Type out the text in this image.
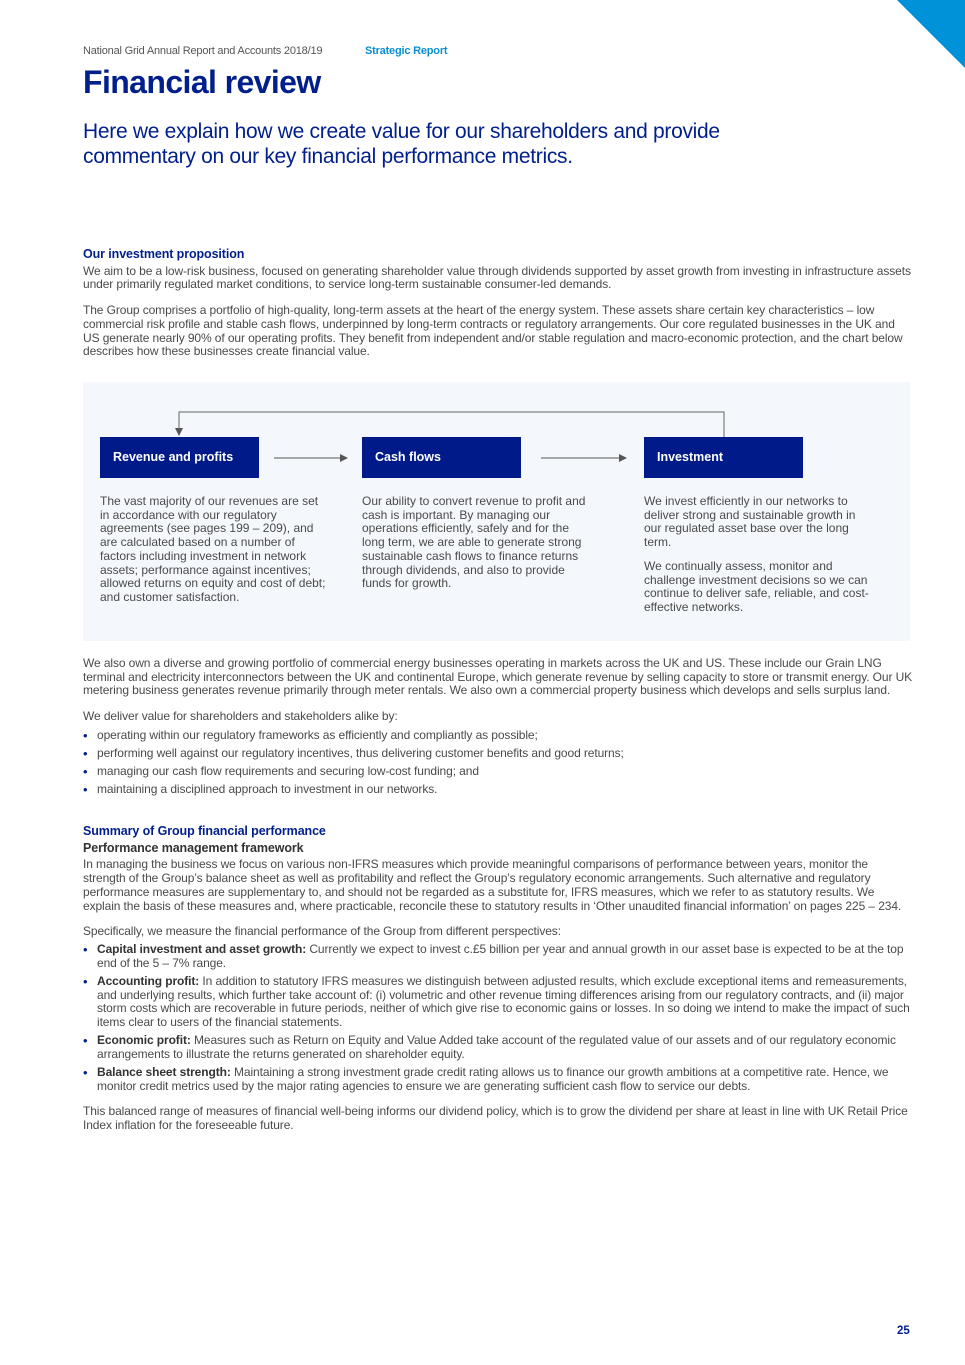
National Grid Annual Report and Accounts 2018/19	Strategic Report
Financial review

Here we explain how we create value for our shareholders and provide commentary on our key financial performance metrics.

Our investment proposition

We aim to be a low-risk business, focused on generating shareholder value through dividends supported by asset growth from investing in infrastructure assets under primarily regulated market conditions, to service long-term sustainable consumer-led demands.

The Group comprises a portfolio of high-quality, long-term assets at the heart of the energy system. These assets share certain key characteristics – low commercial risk profile and stable cash flows, underpinned by long-term contracts or regulatory arrangements. Our core regulated businesses in the UK and US generate nearly 90% of our operating profits. They benefit from independent and/or stable regulation and macro-economic protection, and the chart below describes how these businesses create financial value.

Revenue and profits	Cash flows	Investment

The vast majority of our revenues are set in accordance with our regulatory agreements (see pages 199 – 209), and are calculated based on a number of factors including investment in network assets; performance against incentives; allowed returns on equity and cost of debt; and customer satisfaction.

Our ability to convert revenue to profit and cash is important. By managing our operations efficiently, safely and for the long term, we are able to generate strong sustainable cash flows to finance returns through dividends, and also to provide funds for growth.

We invest efficiently in our networks to deliver strong and sustainable growth in our regulated asset base over the long term.

We continually assess, monitor and challenge investment decisions so we can continue to deliver safe, reliable, and cost-effective networks.

We also own a diverse and growing portfolio of commercial energy businesses operating in markets across the UK and US. These include our Grain LNG terminal and electricity interconnectors between the UK and continental Europe, which generate revenue by selling capacity to store or transmit energy. Our UK metering business generates revenue primarily through meter rentals. We also own a commercial property business which develops and sells surplus land.

We deliver value for shareholders and stakeholders alike by:

• operating within our regulatory frameworks as efficiently and compliantly as possible;
• performing well against our regulatory incentives, thus delivering customer benefits and good returns;
• managing our cash flow requirements and securing low-cost funding; and
• maintaining a disciplined approach to investment in our networks.
Summary of Group financial performance
Performance management framework

In managing the business we focus on various non-IFRS measures which provide meaningful comparisons of performance between years, monitor the strength of the Group’s balance sheet as well as profitability and reflect the Group’s regulatory economic arrangements. Such alternative and regulatory performance measures are supplementary to, and should not be regarded as a substitute for, IFRS measures, which we refer to as statutory results. We explain the basis of these measures and, where practicable, reconcile these to statutory results in ‘Other unaudited financial information’ on pages 225 – 234.

Specifically, we measure the financial performance of the Group from different perspectives:

• Capital investment and asset growth: Currently we expect to invest c.£5 billion per year and annual growth in our asset base is expected to be at the top end of the 5 – 7% range.
• Accounting profit: In addition to statutory IFRS measures we distinguish between adjusted results, which exclude exceptional items and remeasurements, and underlying results, which further take account of: (i) volumetric and other revenue timing differences arising from our regulatory contracts, and (ii) major storm costs which are recoverable in future periods, neither of which give rise to economic gains or losses. In so doing we intend to make the impact of such items clear to users of the financial statements.
• Economic profit: Measures such as Return on Equity and Value Added take account of the regulated value of our assets and of our regulatory economic arrangements to illustrate the returns generated on shareholder equity.
• Balance sheet strength: Maintaining a strong investment grade credit rating allows us to finance our growth ambitions at a competitive rate. Hence, we monitor credit metrics used by the major rating agencies to ensure we are generating sufficient cash flow to service our debts.

This balanced range of measures of financial well-being informs our dividend policy, which is to grow the dividend per share at least in line with UK Retail Price Index inflation for the foreseeable future.

25
